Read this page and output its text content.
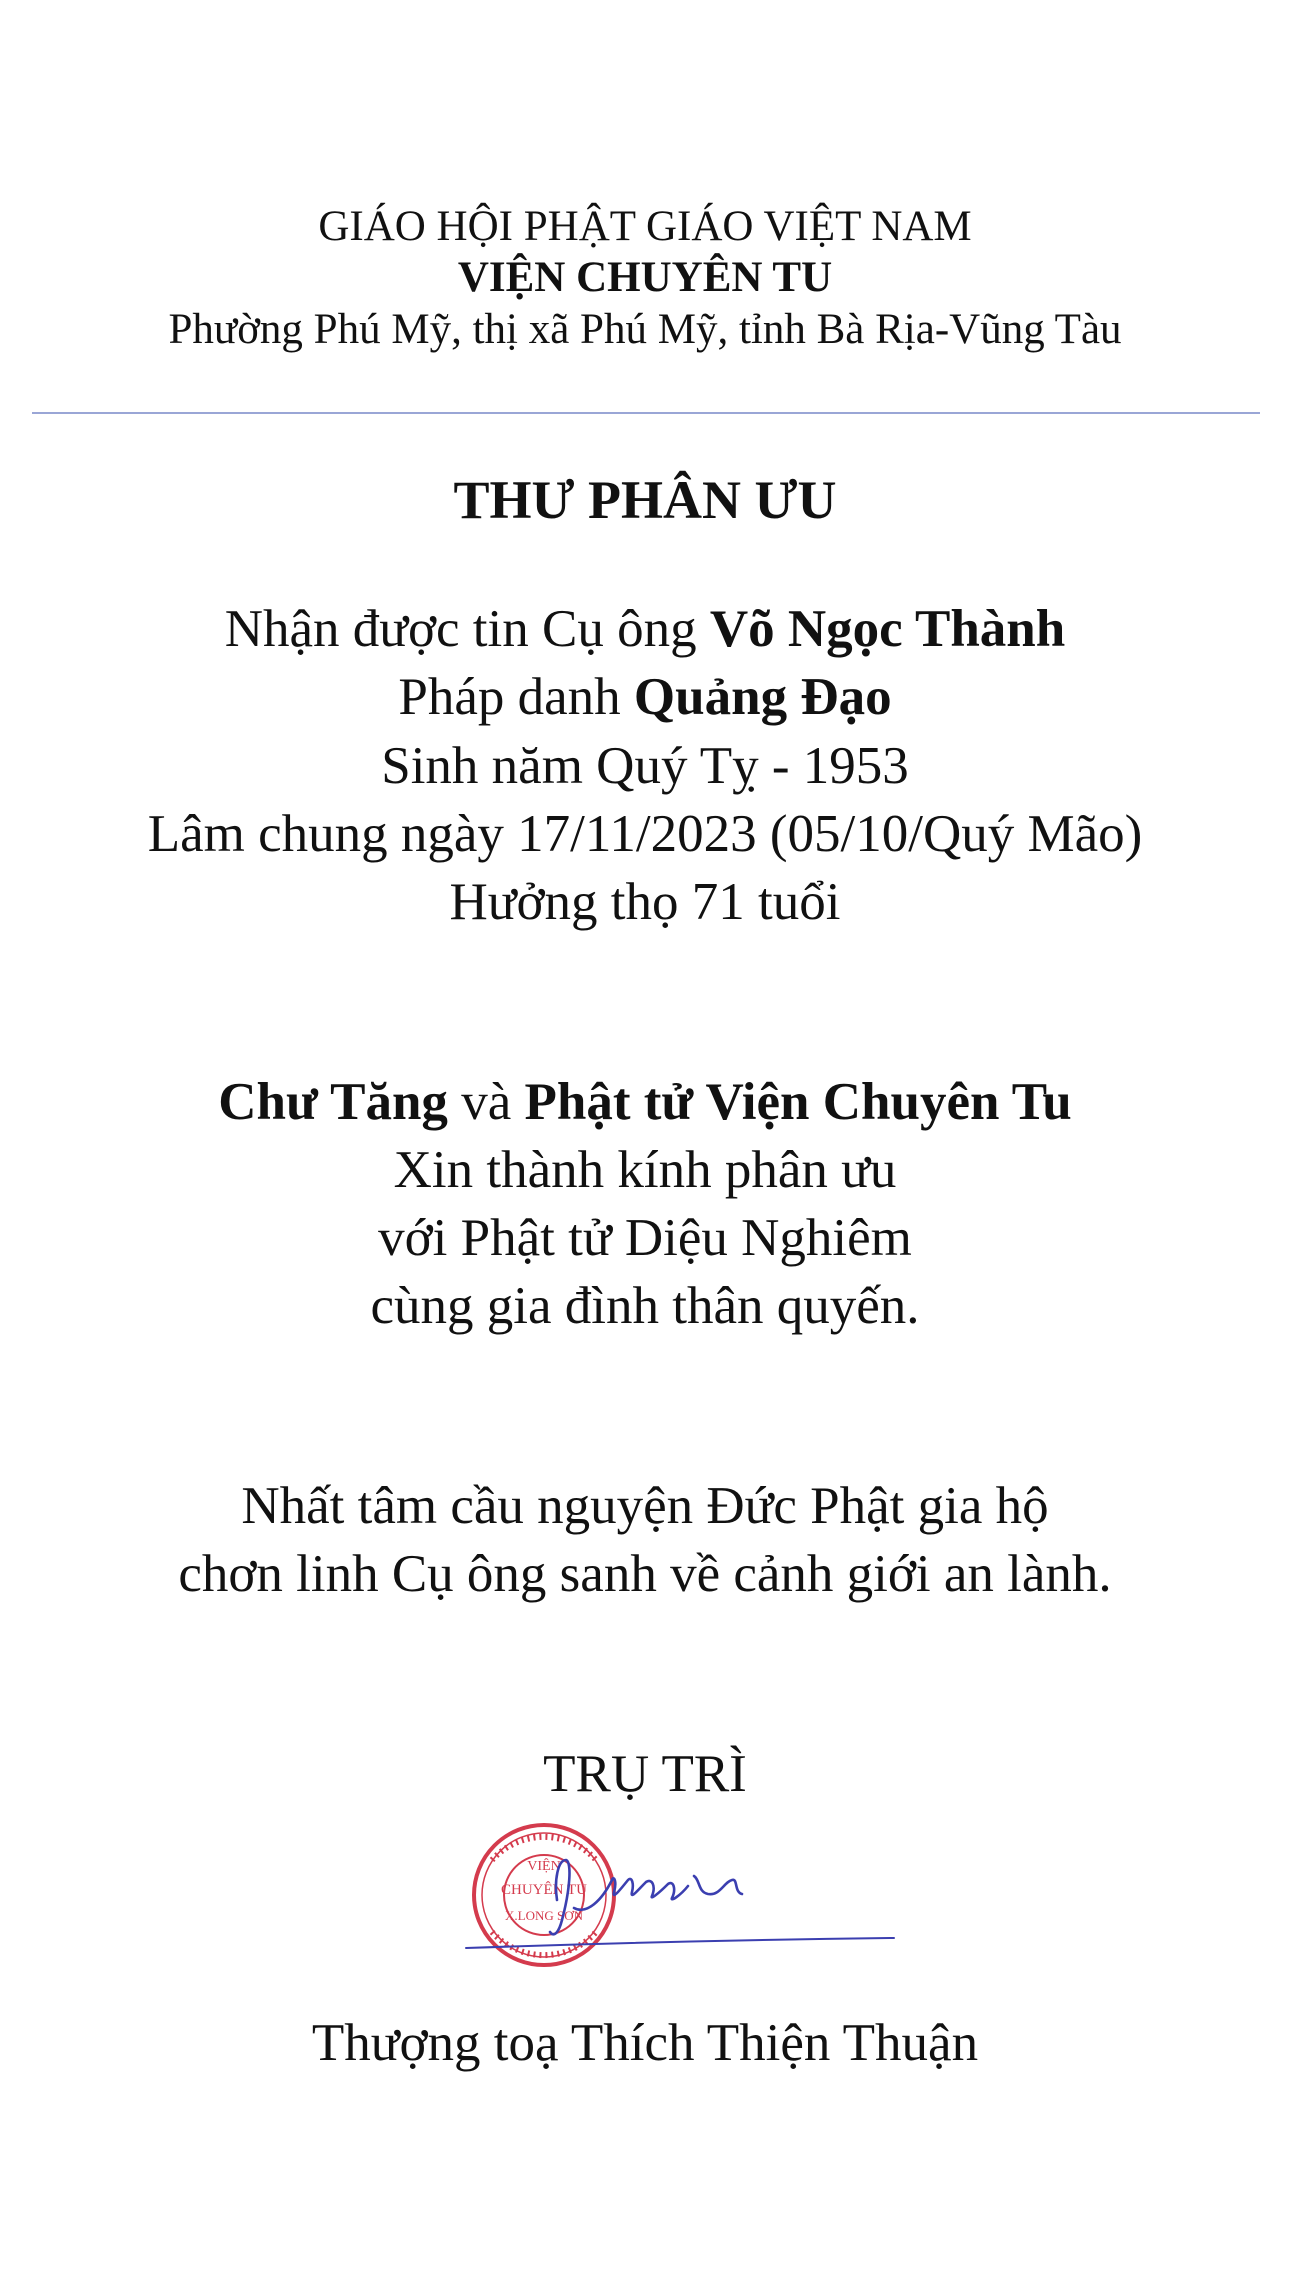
GIÁO HỘI PHẬT GIÁO VIỆT NAM
VIỆN CHUYÊN TU
Phường Phú Mỹ, thị xã Phú Mỹ, tỉnh Bà Rịa-Vũng Tàu
THƯ PHÂN ƯU
Nhận được tin Cụ ông Võ Ngọc Thành
Pháp danh Quảng Đạo
Sinh năm Quý Tỵ - 1953
Lâm chung ngày 17/11/2023 (05/10/Quý Mão)
Hưởng thọ 71 tuổi
Chư Tăng và Phật tử Viện Chuyên Tu
Xin thành kính phân ưu
với Phật tử Diệu Nghiêm
cùng gia đình thân quyến.
Nhất tâm cầu nguyện Đức Phật gia hộ
chơn linh Cụ ông sanh về cảnh giới an lành.
TRỤ TRÌ
VIỆN
CHUYÊN TU
X.LONG SƠN
Thượng toạ Thích Thiện Thuận
